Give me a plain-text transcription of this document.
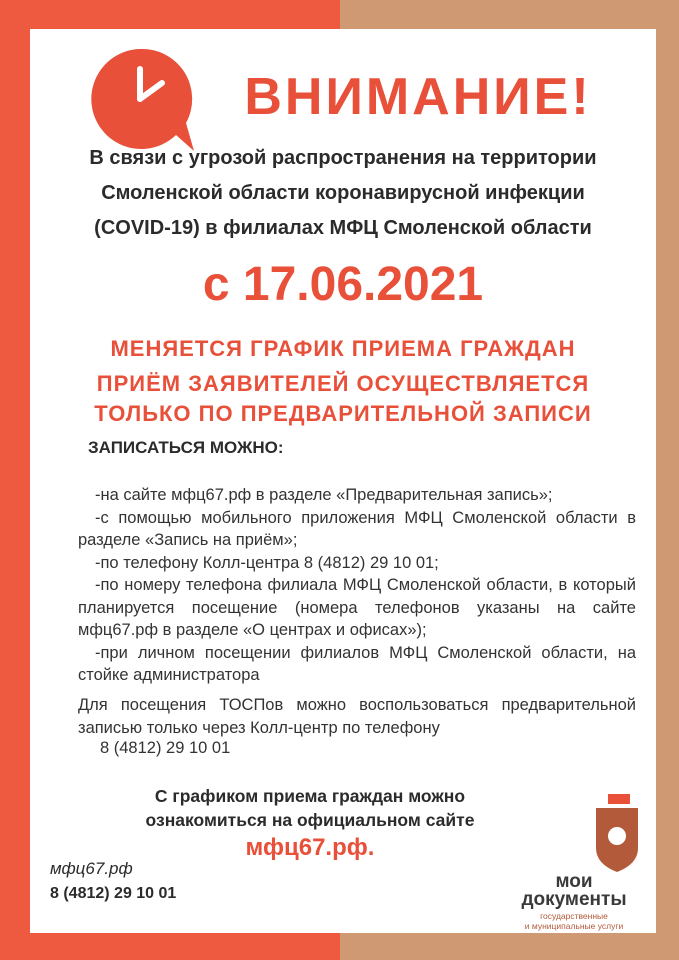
ВНИМАНИЕ!
В связи с угрозой распространения на территории
Смоленской области коронавирусной инфекции
(COVID-19) в филиалах МФЦ Смоленской области
с 17.06.2021
МЕНЯЕТСЯ ГРАФИК ПРИЕМА ГРАЖДАН
ПРИЁМ ЗАЯВИТЕЛЕЙ ОСУЩЕСТВЛЯЕТСЯ
ТОЛЬКО ПО ПРЕДВАРИТЕЛЬНОЙ ЗАПИСИ
ЗАПИСАТЬСЯ МОЖНО:
-на сайте мфц67.рф в разделе «Предварительная запись»;
-с помощью мобильного приложения МФЦ Смоленской области в разделе «Запись на приём»;
-по телефону Колл-центра 8 (4812) 29 10 01;
-по номеру телефона филиала МФЦ Смоленской области, в который планируется посещение (номера телефонов указаны на сайте мфц67.рф в разделе «О центрах и офисах»);
-при личном посещении филиалов МФЦ Смоленской области, на стойке администратора

Для посещения ТОСПов можно воспользоваться предварительной записью только через Колл-центр по телефону

8 (4812) 29 10 01

С графиком приема граждан можно
ознакомиться на официальном сайте
мфц67.рф.
мфц67.рф
8 (4812) 29 10 01
мои
документы
государственные
и муниципальные услуги
